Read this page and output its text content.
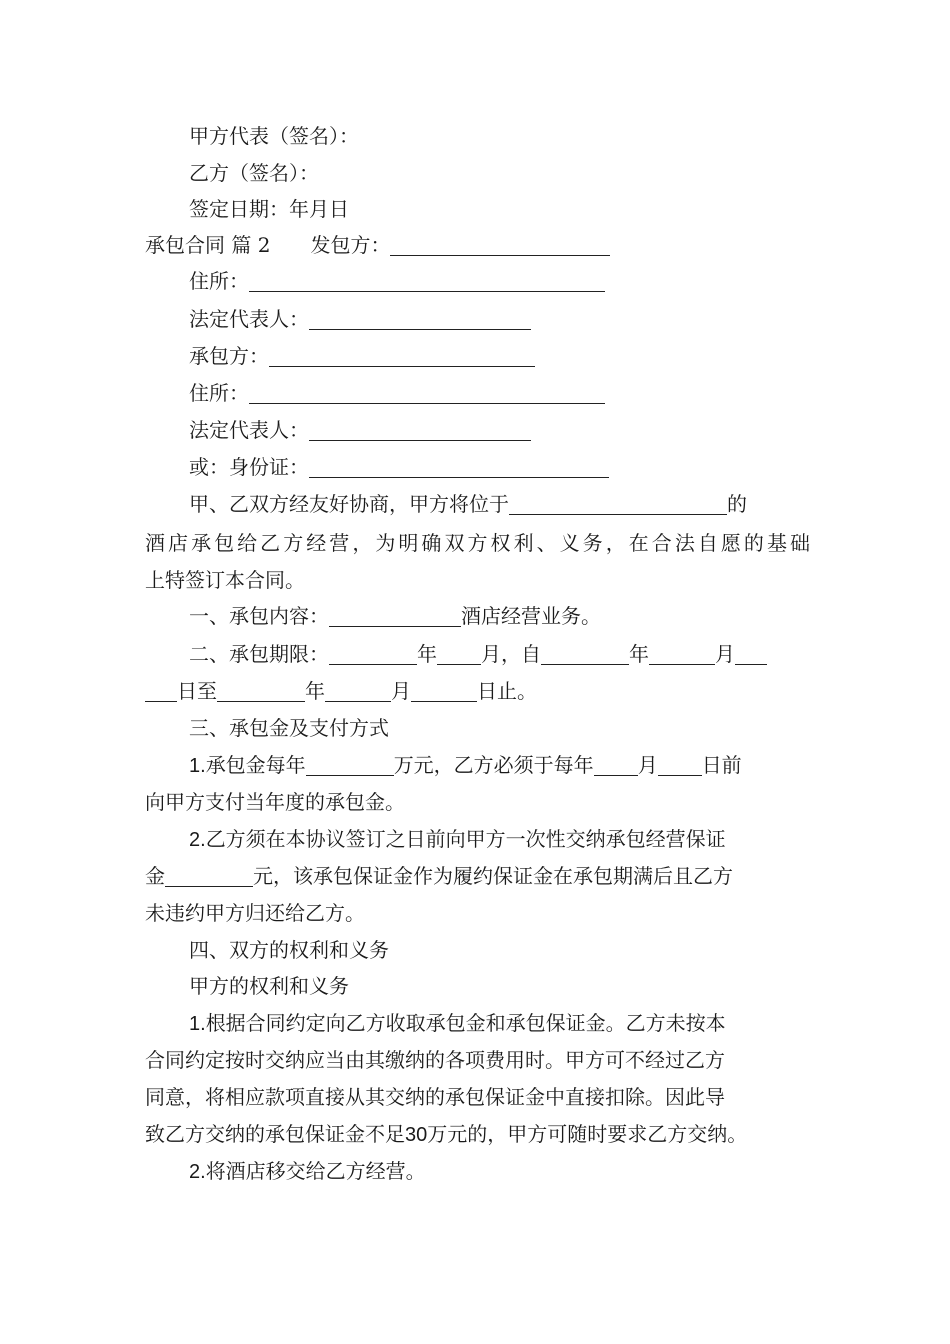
甲方代表（签名）：
乙方（签名）：
签定日期：年月日
承包合同 篇 2 发包方：
住所：
法定代表人：
承包方：
住所：
法定代表人：
或：身份证：
甲、乙双方经友好协商，甲方将位于	的
酒店承包给乙方经营，为明确双方权利、义务，在合法自愿的基础
上特签订本合同。
一、承包内容：	酒店经营业务。
二、承包期限：	年 月，自	年	月
日至	年	月	日止。
三、承包金及支付方式
1.承包金每年	万元，乙方必须于每年 月 日前
向甲方支付当年度的承包金。
2.乙方须在本协议签订之日前向甲方一次性交纳承包经营保证
金	元，该承包保证金作为履约保证金在承包期满后且乙方
未违约甲方归还给乙方。
四、双方的权利和义务
甲方的权利和义务
1.根据合同约定向乙方收取承包金和承包保证金。乙方未按本
合同约定按时交纳应当由其缴纳的各项费用时。甲方可不经过乙方
同意，将相应款项直接从其交纳的承包保证金中直接扣除。因此导
致乙方交纳的承包保证金不足30万元的，甲方可随时要求乙方交纳。
2.将酒店移交给乙方经营。
